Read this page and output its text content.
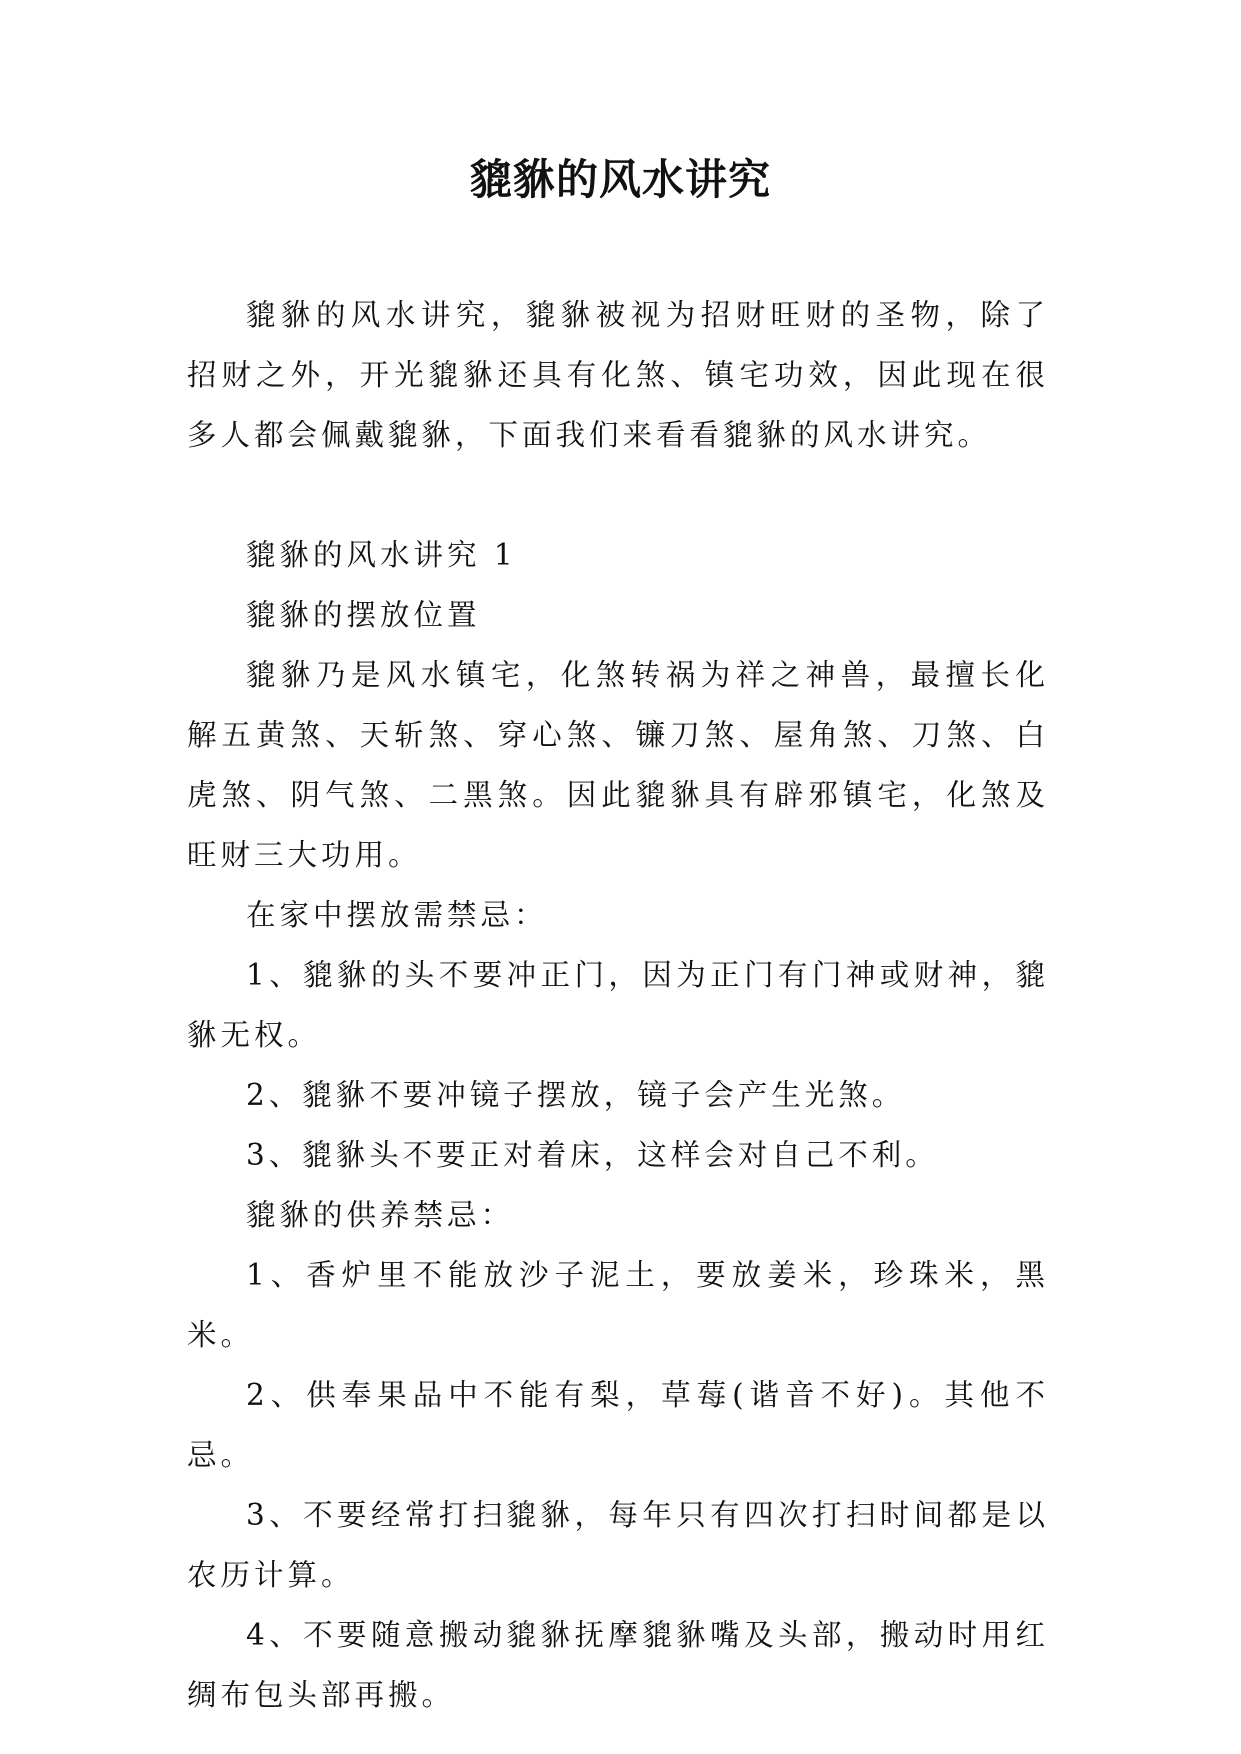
貔貅的风水讲究

貔貅的风水讲究，貔貅被视为招财旺财的圣物，除了招财之外，开光貔貅还具有化煞、镇宅功效，因此现在很多人都会佩戴貔貅，下面我们来看看貔貅的风水讲究。

貔貅的风水讲究 1

貔貅的摆放位置

貔貅乃是风水镇宅，化煞转祸为祥之神兽，最擅长化解五黄煞、天斩煞、穿心煞、镰刀煞、屋角煞、刀煞、白虎煞、阴气煞、二黑煞。因此貔貅具有辟邪镇宅，化煞及旺财三大功用。

在家中摆放需禁忌：

1、貔貅的头不要冲正门，因为正门有门神或财神，貔貅无权。

2、貔貅不要冲镜子摆放，镜子会产生光煞。

3、貔貅头不要正对着床，这样会对自己不利。

貔貅的供养禁忌：

1、香炉里不能放沙子泥土，要放姜米，珍珠米，黑米。

2、供奉果品中不能有梨，草莓(谐音不好)。其他不忌。

3、不要经常打扫貔貅，每年只有四次打扫时间都是以农历计算。

4、不要随意搬动貔貅抚摩貔貅嘴及头部，搬动时用红绸布包头部再搬。
